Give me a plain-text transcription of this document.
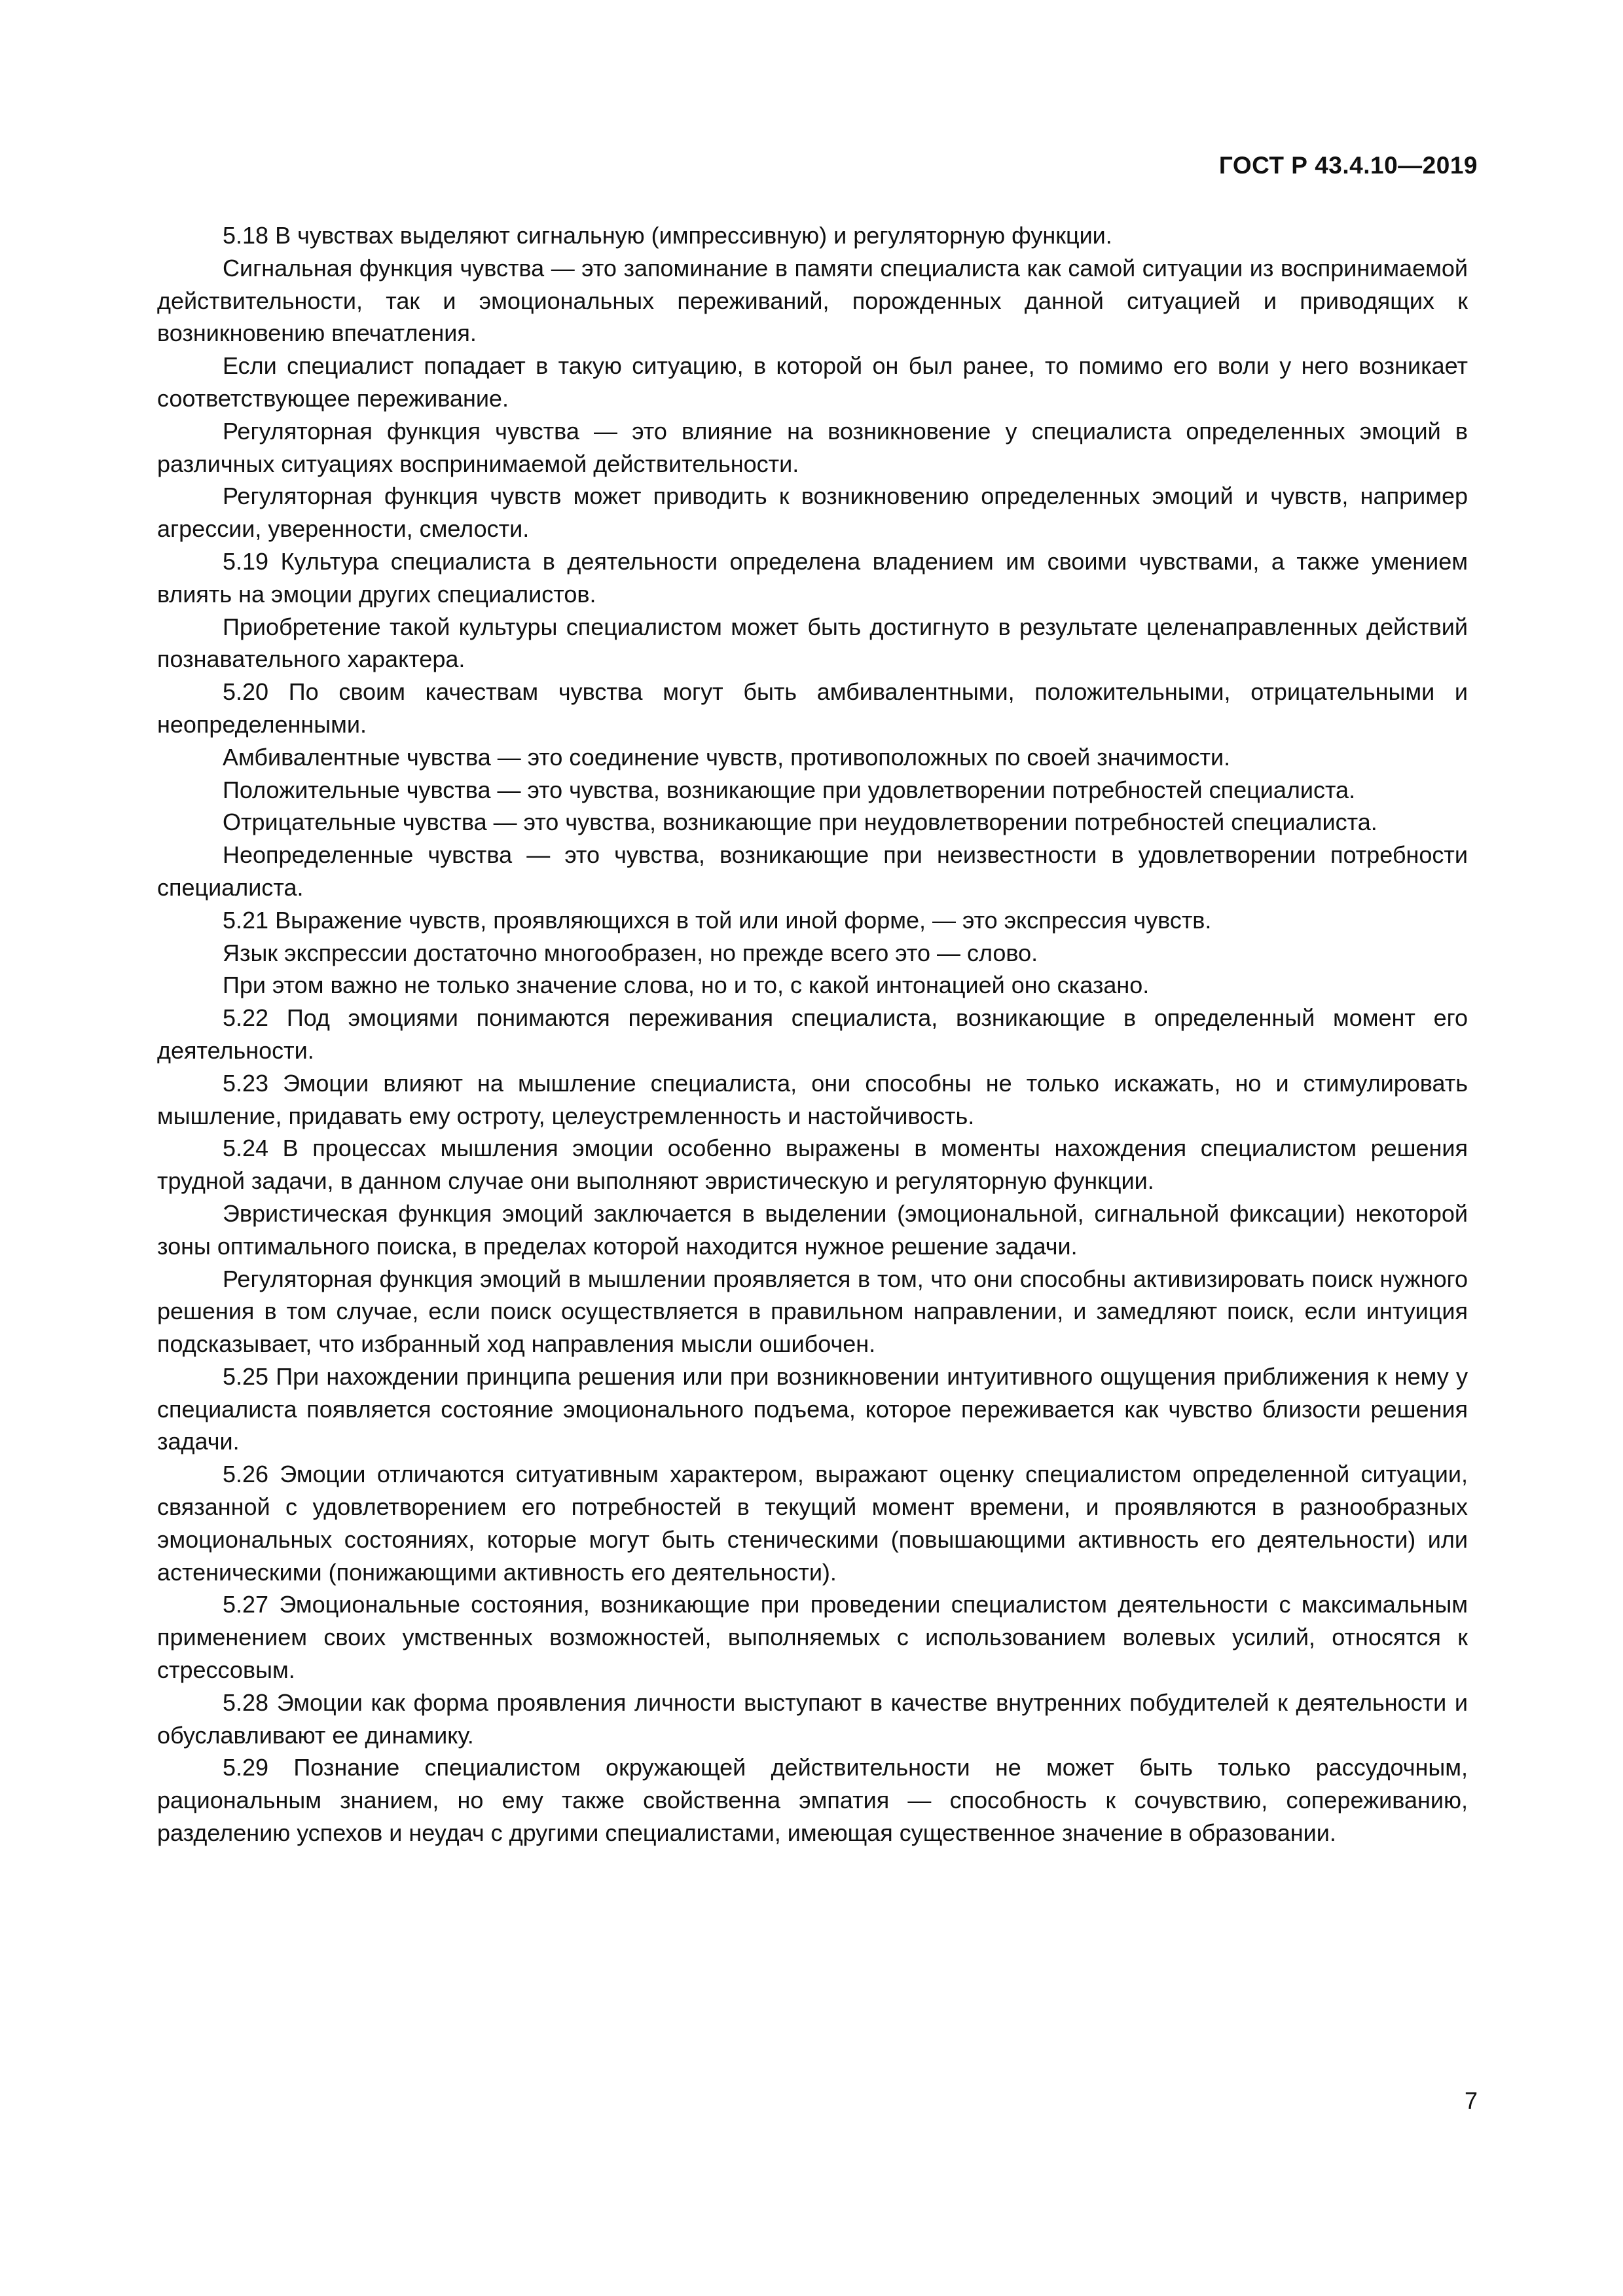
ГОСТ Р 43.4.10—2019

5.18 В чувствах выделяют сигнальную (импрессивную) и регуляторную функции.

Сигнальная функция чувства — это запоминание в памяти специалиста как самой ситуации из воспринимаемой действительности, так и эмоциональных переживаний, порожденных данной ситуацией и приводящих к возникновению впечатления.

Если специалист попадает в такую ситуацию, в которой он был ранее, то помимо его воли у него возникает соответствующее переживание.

Регуляторная функция чувства — это влияние на возникновение у специалиста определенных эмоций в различных ситуациях воспринимаемой действительности.

Регуляторная функция чувств может приводить к возникновению определенных эмоций и чувств, например агрессии, уверенности, смелости.

5.19 Культура специалиста в деятельности определена владением им своими чувствами, а также умением влиять на эмоции других специалистов.

Приобретение такой культуры специалистом может быть достигнуто в результате целенаправленных действий познавательного характера.

5.20 По своим качествам чувства могут быть амбивалентными, положительными, отрицательными и неопределенными.

Амбивалентные чувства — это соединение чувств, противоположных по своей значимости.

Положительные чувства — это чувства, возникающие при удовлетворении потребностей специалиста.

Отрицательные чувства — это чувства, возникающие при неудовлетворении потребностей специалиста.

Неопределенные чувства — это чувства, возникающие при неизвестности в удовлетворении потребности специалиста.

5.21 Выражение чувств, проявляющихся в той или иной форме, — это экспрессия чувств.

Язык экспрессии достаточно многообразен, но прежде всего это — слово.

При этом важно не только значение слова, но и то, с какой интонацией оно сказано.

5.22 Под эмоциями понимаются переживания специалиста, возникающие в определенный момент его деятельности.

5.23 Эмоции влияют на мышление специалиста, они способны не только искажать, но и стимулировать мышление, придавать ему остроту, целеустремленность и настойчивость.

5.24 В процессах мышления эмоции особенно выражены в моменты нахождения специалистом решения трудной задачи, в данном случае они выполняют эвристическую и регуляторную функции.

Эвристическая функция эмоций заключается в выделении (эмоциональной, сигнальной фиксации) некоторой зоны оптимального поиска, в пределах которой находится нужное решение задачи.

Регуляторная функция эмоций в мышлении проявляется в том, что они способны активизировать поиск нужного решения в том случае, если поиск осуществляется в правильном направлении, и замедляют поиск, если интуиция подсказывает, что избранный ход направления мысли ошибочен.

5.25 При нахождении принципа решения или при возникновении интуитивного ощущения приближения к нему у специалиста появляется состояние эмоционального подъема, которое переживается как чувство близости решения задачи.

5.26 Эмоции отличаются ситуативным характером, выражают оценку специалистом определенной ситуации, связанной с удовлетворением его потребностей в текущий момент времени, и проявляются в разнообразных эмоциональных состояниях, которые могут быть стеническими (повышающими активность его деятельности) или астеническими (понижающими активность его деятельности).

5.27 Эмоциональные состояния, возникающие при проведении специалистом деятельности с максимальным применением своих умственных возможностей, выполняемых с использованием волевых усилий, относятся к стрессовым.

5.28 Эмоции как форма проявления личности выступают в качестве внутренних побудителей к деятельности и обуславливают ее динамику.

5.29 Познание специалистом окружающей действительности не может быть только рассудочным, рациональным знанием, но ему также свойственна эмпатия — способность к сочувствию, сопереживанию, разделению успехов и неудач с другими специалистами, имеющая существенное значение в образовании.

7
